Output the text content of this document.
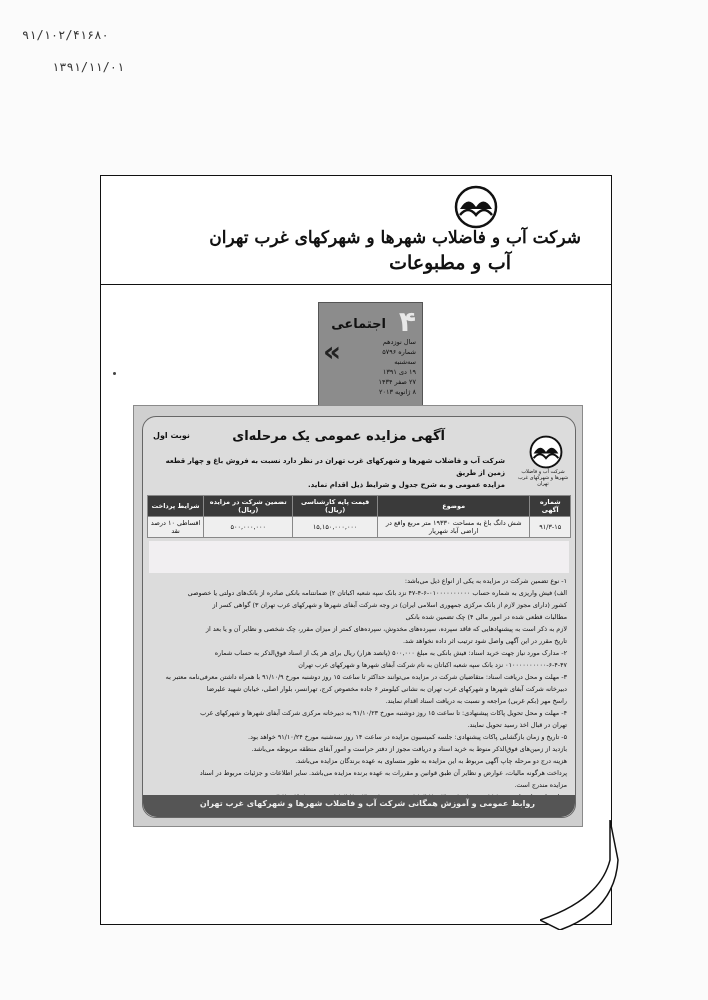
۹۱/۱۰۲/۴۱۶۸۰
۱۳۹۱/۱۱/۰۱
شرکت آب و فاضلاب شهرها و شهرکهای غرب تهران
آب و مطبوعات
۴
اجتماعی
«	سال نوزدهم
شماره ۵۷۹۶
سه‌شنبه
۱۹ دی ۱۳۹۱
۲۷ صفر ۱۴۳۴
۸ ژانویه ۲۰۱۳
نوبت اول	آگهی مزایده عمومی یک مرحله‌ای
شرکت آب و فاضلاب شهرها و شهرکهای غرب تهران
شرکت آب و فاضلاب شهرها و شهرکهای غرب تهران در نظر دارد نسبت به فروش باغ و چهار قطعه زمین از طریق
مزایده عمومی و به شرح جدول و شرایط ذیل اقدام نماید.
شماره آگهی	موضوع	قیمت پایه کارشناسی (ریال)	تضمین شرکت در مزایده (ریال)	شرایط پرداخت
۹۱/۳-۱۵	شش دانگ باغ به مساحت ۱۹۳۳۰ متر مربع واقع در اراضی آباد شهریار	۱۵,۱۵۰,۰۰۰,۰۰۰	۵۰۰,۰۰۰,۰۰۰	اقساطی ۱۰ درصد نقد

۱- نوع تضمین شرکت در مزایده به یکی از انواع ذیل می‌باشد:

الف) فیش واریزی به شماره حساب ۰۱۰۰۰۰۰۰۰۰۰۰-۶-۴-۴۷ نزد بانک سپه شعبه اکباتان ۲) ضمانتنامه بانکی صادره از بانک‌های دولتی یا خصوصی

کشور (دارای مجوز لازم از بانک مرکزی جمهوری اسلامی ایران) در وجه شرکت آبفای شهرها و شهرکهای غرب تهران ۳) گواهی کسر از

مطالبات قطعی شده در امور مالی ۴) چک تضمین شده بانکی

لازم به ذکر است به پیشنهادهایی که فاقد سپرده، سپرده‌های مخدوش، سپرده‌های کمتر از میزان مقرر، چک شخصی و نظایر آن و یا بعد از

تاریخ مقرر در این آگهی واصل شود ترتیب اثر داده نخواهد شد.

۲- مدارک مورد نیاز جهت خرید اسناد: فیش بانکی به مبلغ ۵۰۰,۰۰۰ (پانصد هزار) ریال برای هر یک از اسناد فوق‌الذکر به حساب شماره

۰۱۰۰۰۰۰۰۰۰۰۰-۶-۴-۴۷ نزد بانک سپه شعبه اکباتان به نام شرکت آبفای شهرها و شهرکهای غرب تهران

۳- مهلت و محل دریافت اسناد: متقاضیان شرکت در مزایده می‌توانند حداکثر تا ساعت ۱۵ روز دوشنبه مورخ ۹۱/۱۰/۹ با همراه داشتن معرفی‌نامه معتبر به

دبیرخانه شرکت آبفای شهرها و شهرکهای غرب تهران به نشانی کیلومتر ۶ جاده مخصوص کرج، تهرانسر، بلوار اصلی، خیابان شهید علیرضا

راسخ مهر (بکم غربی) مراجعه و نسبت به دریافت اسناد اقدام نمایند.

۴- مهلت و محل تحویل پاکات پیشنهادی: تا ساعت ۱۵ روز دوشنبه مورخ ۹۱/۱۰/۲۳ به دبیرخانه مرکزی شرکت آبفای شهرها و شهرکهای غرب

تهران در قبال اخذ رسید تحویل نمایند.

۵- تاریخ و زمان بازگشایی پاکات پیشنهادی: جلسه کمیسیون مزایده در ساعت ۱۴ روز سه‌شنبه مورخ ۹۱/۱۰/۲۴ خواهد بود.

بازدید از زمین‌های فوق‌الذکر منوط به خرید اسناد و دریافت مجوز از دفتر حراست و امور آبفای منطقه مربوطه می‌باشد.

هزینه درج دو مرحله چاپ آگهی مربوط به این مزایده به طور متساوی به عهده برندگان مزایده می‌باشد.

پرداخت هرگونه مالیات، عوارض و نظایر آن طبق قوانین و مقررات به عهده برنده مزایده می‌باشد. سایر اطلاعات و جزئیات مربوط در اسناد

مزایده مندرج است.

روابط عمومی و آموزش همگانی شرکت آب و فاضلاب شهرها و شهرکهای غرب تهران
